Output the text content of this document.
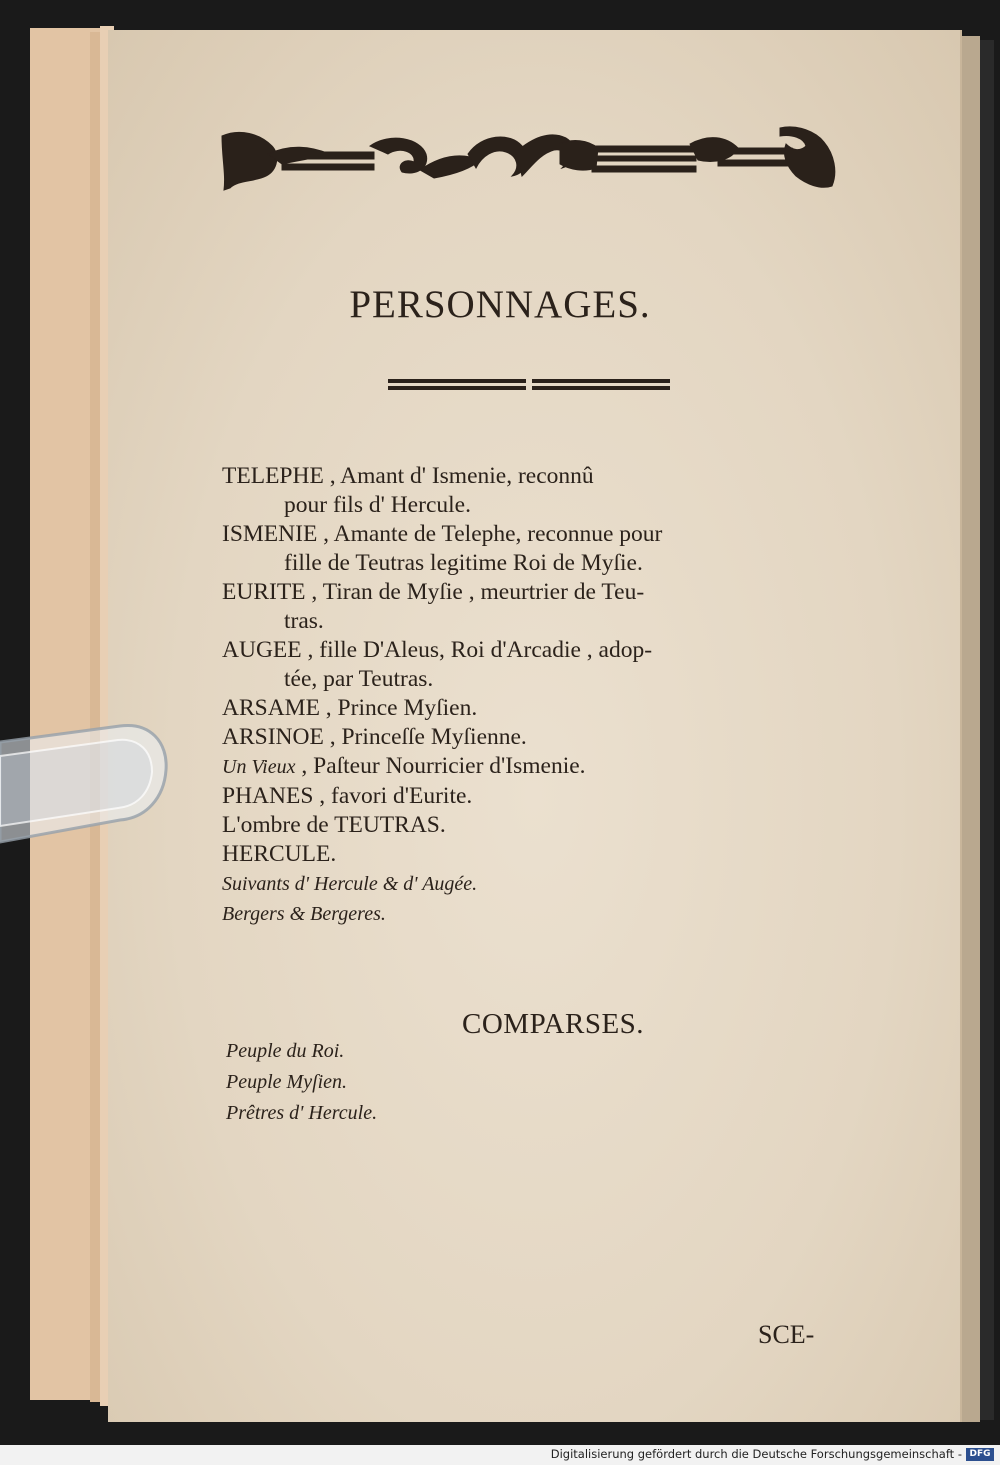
PERSONNAGES.
TELEPHE , Amant d' Ismenie, reconnû
pour fils d' Hercule.
ISMENIE , Amante de Telephe, reconnue pour
fille de Teutras legitime Roi de Myſie.
EURITE , Tiran de Myſie , meurtrier de Teu-
tras.
AUGEE , fille D'Aleus, Roi d'Arcadie , adop-
tée, par Teutras.
ARSAME , Prince Myſien.
ARSINOE , Princeſſe Myſienne.
Un Vieux , Paſteur Nourricier d'Ismenie.
PHANES , favori d'Eurite.
L'ombre de TEUTRAS.
HERCULE.
Suivants d' Hercule & d' Augée.
Bergers & Bergeres.
COMPARSES.
Peuple du Roi.
Peuple Myſien.
Prêtres d' Hercule.
SCE-
Digitalisierung gefördert durch die Deutsche Forschungsgemeinschaft - DFG
